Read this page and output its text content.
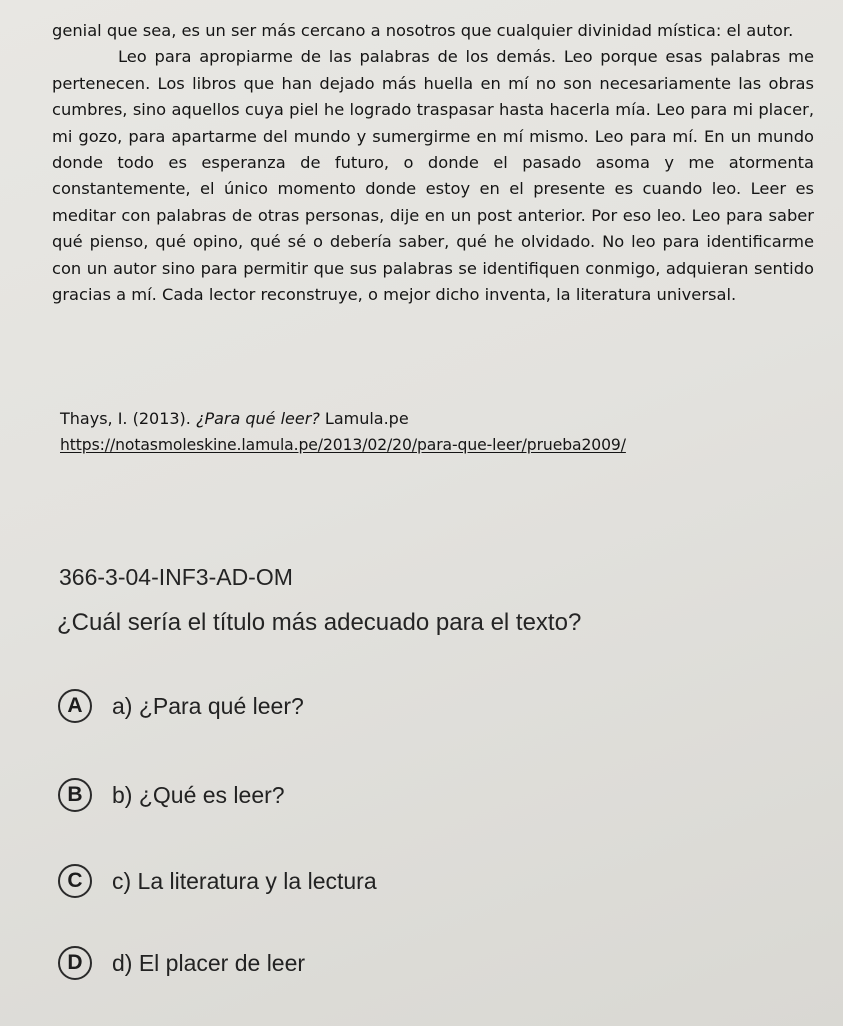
genial que sea, es un ser más cercano a nosotros que cualquier divinidad mística: el autor.

Leo para apropiarme de las palabras de los demás. Leo porque esas palabras me pertenecen. Los libros que han dejado más huella en mí no son necesariamente las obras cumbres, sino aquellos cuya piel he logrado traspasar hasta hacerla mía. Leo para mi placer, mi gozo, para apartarme del mundo y sumergirme en mí mismo. Leo para mí. En un mundo donde todo es esperanza de futuro, o donde el pasado asoma y me atormenta constantemente, el único momento donde estoy en el presente es cuando leo. Leer es meditar con palabras de otras personas, dije en un post anterior. Por eso leo. Leo para saber qué pienso, qué opino, qué sé o debería saber, qué he olvidado. No leo para identificarme con un autor sino para permitir que sus palabras se identifiquen conmigo, adquieran sentido gracias a mí. Cada lector reconstruye, o mejor dicho inventa, la literatura universal.

Thays, I. (2013). ¿Para qué leer? Lamula.pe
https://notasmoleskine.lamula.pe/2013/02/20/para-que-leer/prueba2009/
366-3-04-INF3-AD-OM
¿Cuál sería el título más adecuado para el texto?
A	a) ¿Para qué leer?
B	b) ¿Qué es leer?
C	c) La literatura y la lectura
D	d) El placer de leer
